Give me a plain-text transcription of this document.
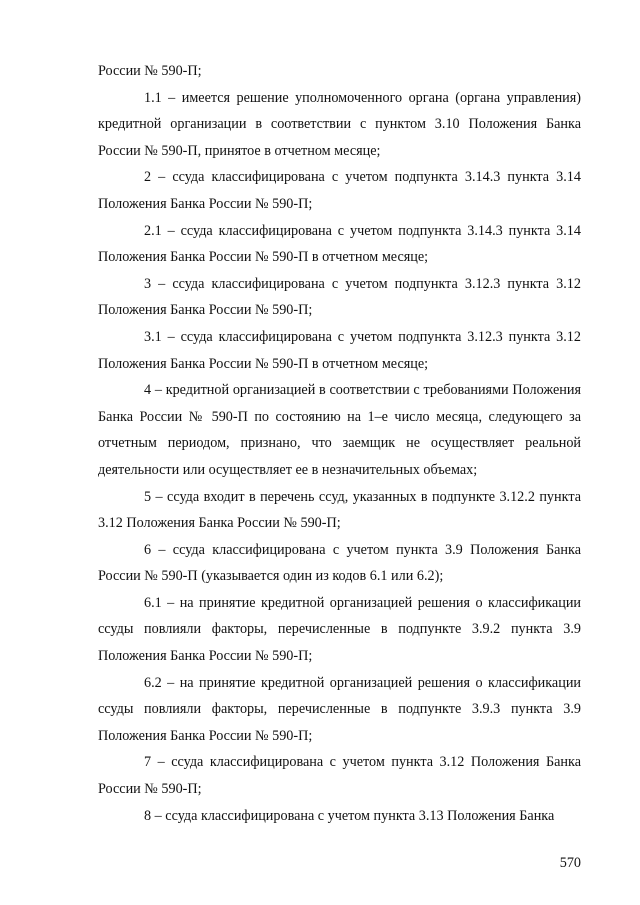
России № 590-П;

1.1 – имеется решение уполномоченного органа (органа управления) кредитной организации в соответствии с пунктом 3.10 Положения Банка России № 590-П, принятое в отчетном месяце;

2 – ссуда классифицирована с учетом подпункта 3.14.3 пункта 3.14 Положения Банка России № 590-П;

2.1 – ссуда классифицирована с учетом подпункта 3.14.3 пункта 3.14 Положения Банка России № 590-П в отчетном месяце;

3 – ссуда классифицирована с учетом подпункта 3.12.3 пункта 3.12 Положения Банка России № 590-П;

3.1 – ссуда классифицирована с учетом подпункта 3.12.3 пункта 3.12 Положения Банка России № 590-П в отчетном месяце;

4 – кредитной организацией в соответствии с требованиями Положения Банка России № 590-П по состоянию на 1–е число месяца, следующего за отчетным периодом, признано, что заемщик не осуществляет реальной деятельности или осуществляет ее в незначительных объемах;

5 – ссуда входит в перечень ссуд, указанных в подпункте 3.12.2 пункта 3.12 Положения Банка России № 590-П;

6 – ссуда классифицирована с учетом пункта 3.9 Положения Банка России № 590-П (указывается один из кодов 6.1 или 6.2);

6.1 – на принятие кредитной организацией решения о классификации ссуды повлияли факторы, перечисленные в подпункте 3.9.2 пункта 3.9 Положения Банка России № 590-П;

6.2 – на принятие кредитной организацией решения о классификации ссуды повлияли факторы, перечисленные в подпункте 3.9.3 пункта 3.9 Положения Банка России № 590-П;

7 – ссуда классифицирована с учетом пункта 3.12 Положения Банка России № 590-П;

8 – ссуда классифицирована с учетом пункта 3.13 Положения Банка

570
